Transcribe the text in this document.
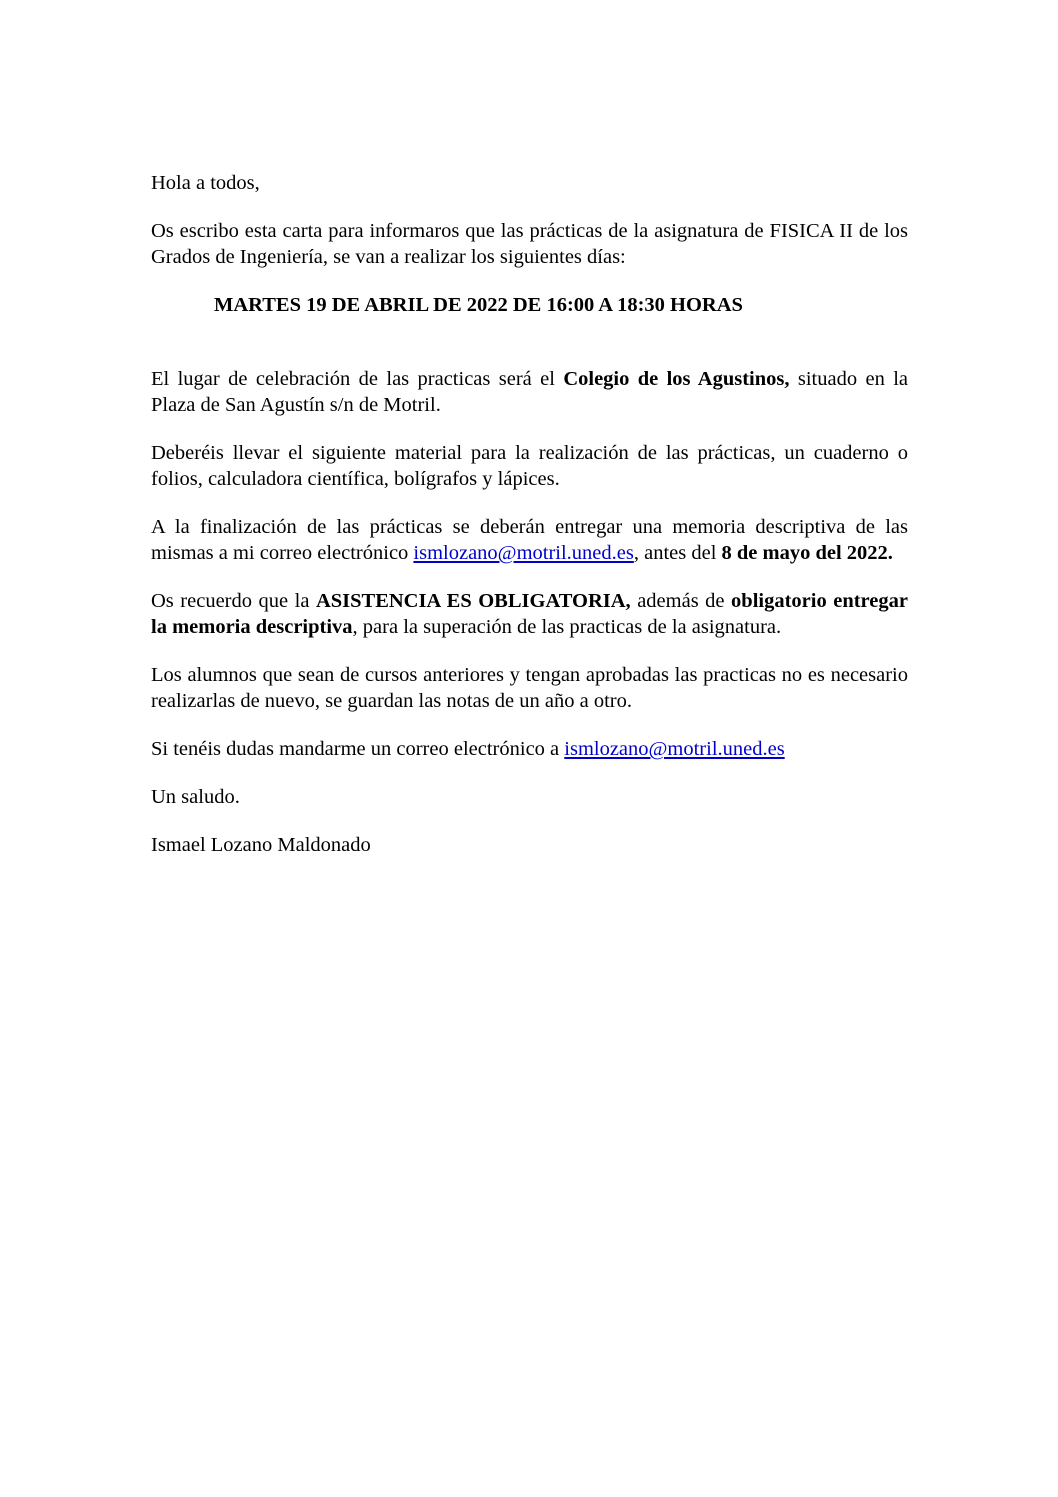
Hola a todos,

Os escribo esta carta para informaros que las prácticas de la asignatura de FISICA II de los Grados de Ingeniería, se van a realizar los siguientes días:

MARTES 19 DE ABRIL DE 2022 DE 16:00 A 18:30 HORAS

El lugar de celebración de las practicas será el Colegio de los Agustinos, situado en la Plaza de San Agustín s/n de Motril.

Deberéis llevar el siguiente material para la realización de las prácticas, un cuaderno o folios, calculadora científica, bolígrafos y lápices.

A la finalización de las prácticas se deberán entregar una memoria descriptiva de las mismas a mi correo electrónico ismlozano@motril.uned.es, antes del 8 de mayo del 2022.

Os recuerdo que la ASISTENCIA ES OBLIGATORIA, además de obligatorio entregar la memoria descriptiva, para la superación de las practicas de la asignatura.

Los alumnos que sean de cursos anteriores y tengan aprobadas las practicas no es necesario realizarlas de nuevo, se guardan las notas de un año a otro.

Si tenéis dudas mandarme un correo electrónico a ismlozano@motril.uned.es

Un saludo.

Ismael Lozano Maldonado
